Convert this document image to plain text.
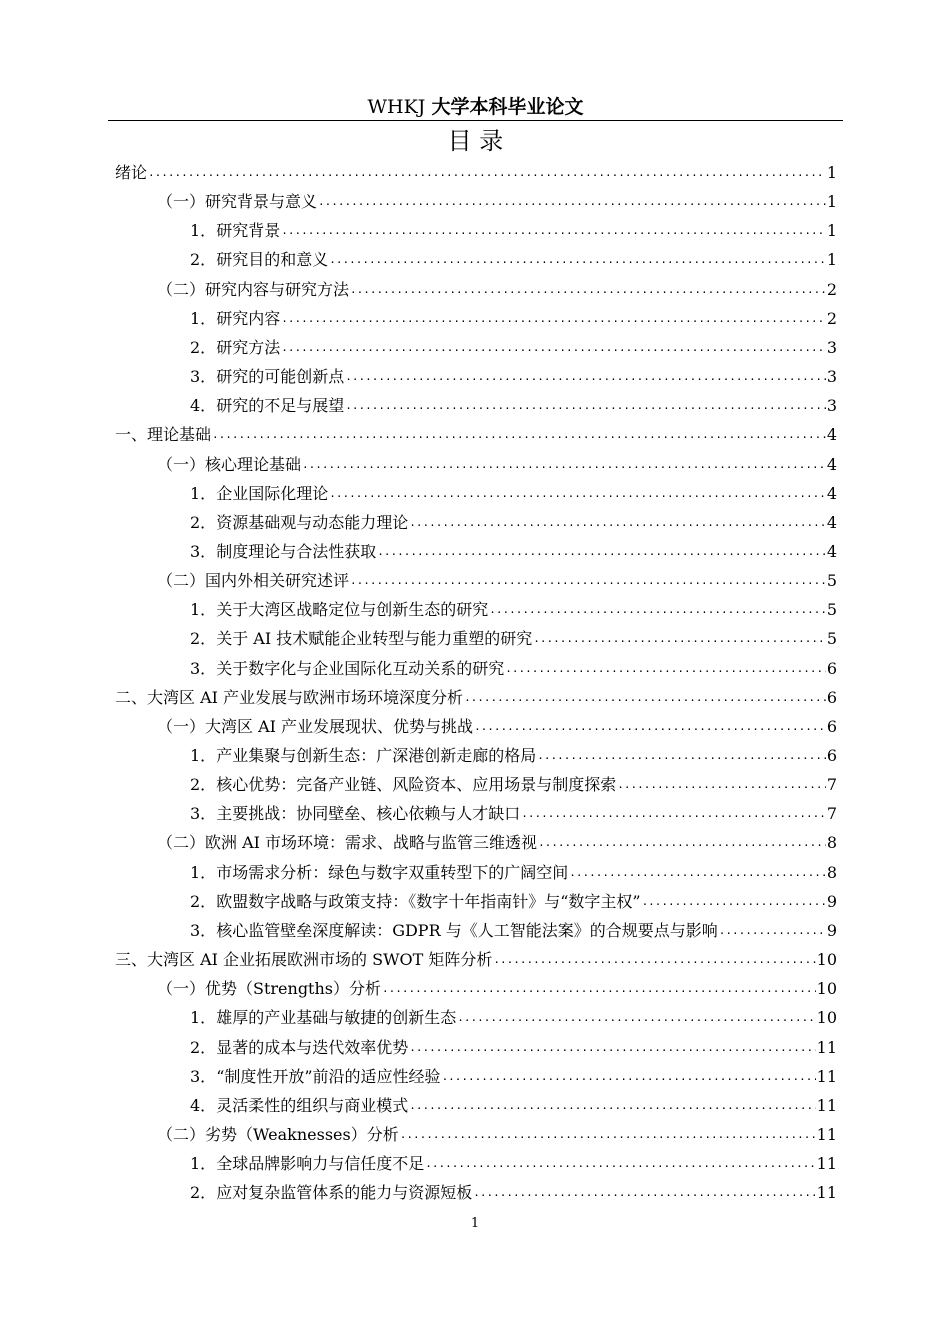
WHKJ 大学本科毕业论文
目 录
绪论 .....	1
（一）研究背景与意义 .....	1
1． 研究背景 .....	1
2． 研究目的和意义 .....	1
（二）研究内容与研究方法 .....	2
1． 研究内容 .....	2
2． 研究方法 .....	3
3． 研究的可能创新点 .....	3
4． 研究的不足与展望 .....	3
一、理论基础 .....	4
（一）核心理论基础 .....	4
1． 企业国际化理论 .....	4
2． 资源基础观与动态能力理论 .....	4
3． 制度理论与合法性获取 .....	4
（二）国内外相关研究述评 .....	5
1． 关于大湾区战略定位与创新生态的研究 .....	5
2． 关于 AI 技术赋能企业转型与能力重塑的研究 .....	5
3． 关于数字化与企业国际化互动关系的研究 .....	6
二、大湾区 AI 产业发展与欧洲市场环境深度分析 .....	6
（一）大湾区 AI 产业发展现状、优势与挑战 .....	6
1． 产业集聚与创新生态：广深港创新走廊的格局 .....	6
2． 核心优势：完备产业链、风险资本、应用场景与制度探索 .....	7
3． 主要挑战：协同壁垒、核心依赖与人才缺口 .....	7
（二）欧洲 AI 市场环境：需求、战略与监管三维透视 .....	8
1． 市场需求分析：绿色与数字双重转型下的广阔空间 .....	8
2． 欧盟数字战略与政策支持：《数字十年指南针》与“数字主权” .....	9
3． 核心监管壁垒深度解读：GDPR 与《人工智能法案》的合规要点与影响 .....	9
三、大湾区 AI 企业拓展欧洲市场的 SWOT 矩阵分析 .....	10
（一）优势（Strengths）分析 .....	10
1． 雄厚的产业基础与敏捷的创新生态 .....	10
2． 显著的成本与迭代效率优势 .....	11
3． “制度性开放”前沿的适应性经验 .....	11
4． 灵活柔性的组织与商业模式 .....	11
（二）劣势（Weaknesses）分析 .....	11
1． 全球品牌影响力与信任度不足 .....	11
2． 应对复杂监管体系的能力与资源短板 .....	11
1
